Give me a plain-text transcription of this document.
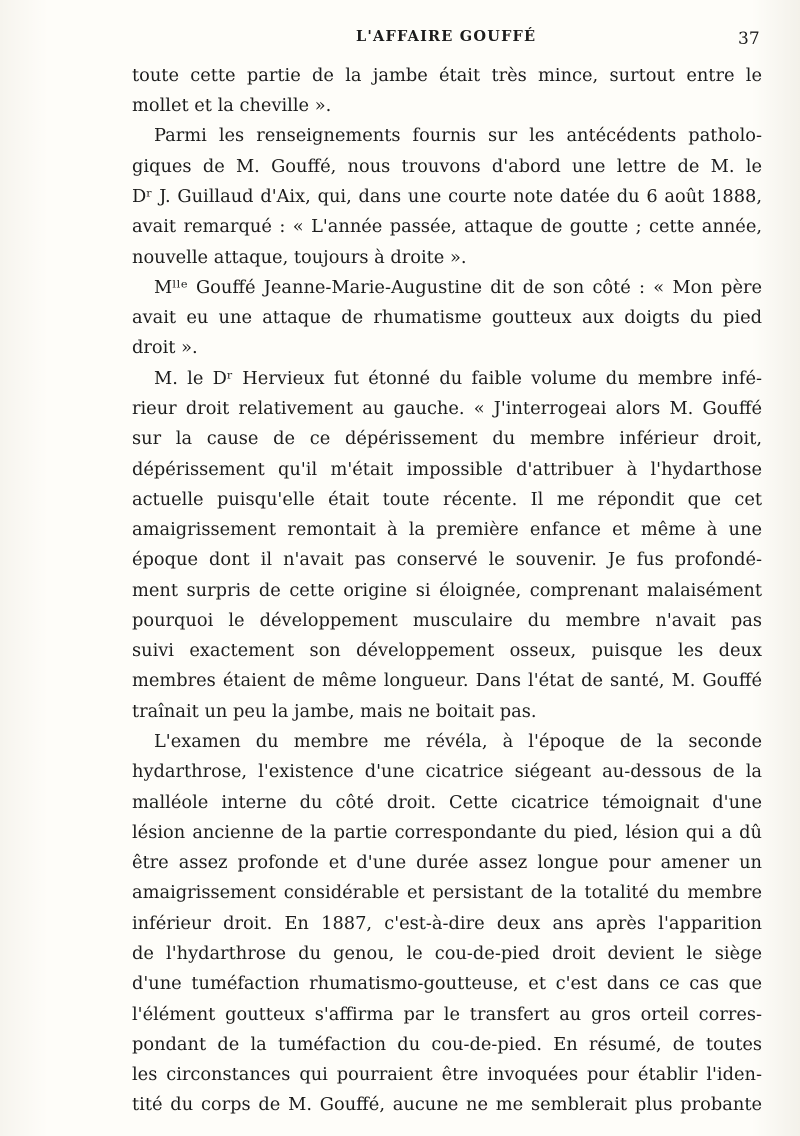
L'AFFAIRE GOUFFÉ	37
toute cette partie de la jambe était très mince, surtout entre le
mollet et la cheville ».
Parmi les renseignements fournis sur les antécédents patholo-
giques de M. Gouffé, nous trouvons d'abord une lettre de M. le
Dʳ J. Guillaud d'Aix, qui, dans une courte note datée du 6 août 1888,
avait remarqué : « L'année passée, attaque de goutte ; cette année,
nouvelle attaque, toujours à droite ».
Mˡˡᵉ Gouffé Jeanne-Marie-Augustine dit de son côté : « Mon père
avait eu une attaque de rhumatisme goutteux aux doigts du pied
droit ».
M. le Dʳ Hervieux fut étonné du faible volume du membre infé-
rieur droit relativement au gauche. « J'interrogeai alors M. Gouffé
sur la cause de ce dépérissement du membre inférieur droit,
dépérissement qu'il m'était impossible d'attribuer à l'hydarthose
actuelle puisqu'elle était toute récente. Il me répondit que cet
amaigrissement remontait à la première enfance et même à une
époque dont il n'avait pas conservé le souvenir. Je fus profondé-
ment surpris de cette origine si éloignée, comprenant malaisément
pourquoi le développement musculaire du membre n'avait pas
suivi exactement son développement osseux, puisque les deux
membres étaient de même longueur. Dans l'état de santé, M. Gouffé
traînait un peu la jambe, mais ne boitait pas.
L'examen du membre me révéla, à l'époque de la seconde
hydarthrose, l'existence d'une cicatrice siégeant au-dessous de la
malléole interne du côté droit. Cette cicatrice témoignait d'une
lésion ancienne de la partie correspondante du pied, lésion qui a dû
être assez profonde et d'une durée assez longue pour amener un
amaigrissement considérable et persistant de la totalité du membre
inférieur droit. En 1887, c'est-à-dire deux ans après l'apparition
de l'hydarthrose du genou, le cou-de-pied droit devient le siège
d'une tuméfaction rhumatismo-goutteuse, et c'est dans ce cas que
l'élément goutteux s'affirma par le transfert au gros orteil corres-
pondant de la tuméfaction du cou-de-pied. En résumé, de toutes
les circonstances qui pourraient être invoquées pour établir l'iden-
tité du corps de M. Gouffé, aucune ne me semblerait plus probante
